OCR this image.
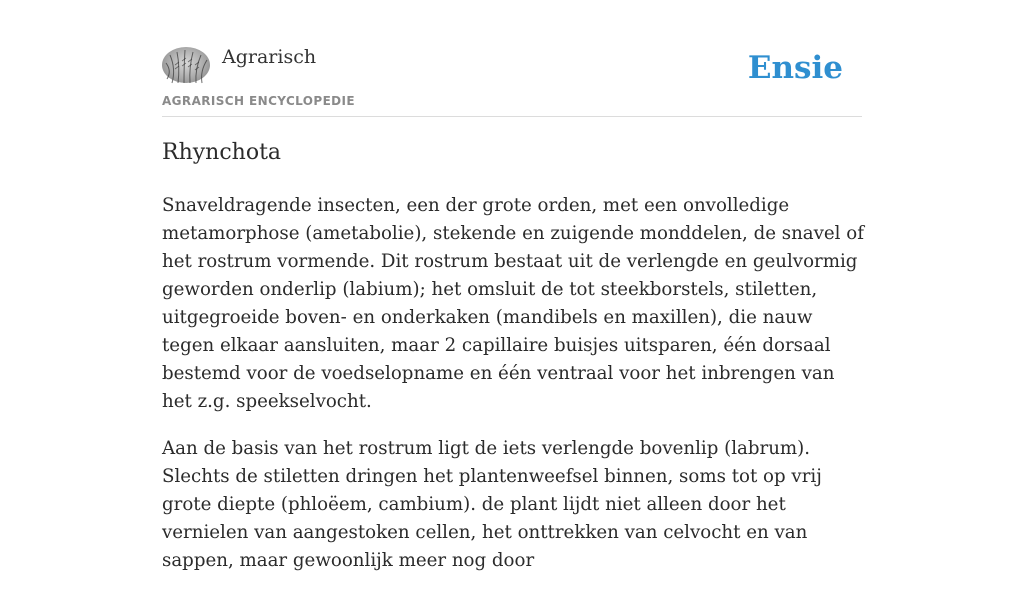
Agrarisch
AGRARISCH ENCYCLOPEDIE
Ensie
Rhynchota

Snaveldragende insecten, een der grote orden, met een onvolledige metamorphose (ametabolie), stekende en zuigende monddelen, de snavel of het rostrum vormende. Dit rostrum bestaat uit de verlengde en geulvormig geworden onderlip (labium); het omsluit de tot steekborstels, stiletten, uitgegroeide boven- en onderkaken (mandibels en maxillen), die nauw tegen elkaar aansluiten, maar 2 capillaire buisjes uitsparen, één dorsaal bestemd voor de voedselopname en één ventraal voor het inbrengen van het z.g. speekselvocht.

Aan de basis van het rostrum ligt de iets verlengde bovenlip (labrum). Slechts de stiletten dringen het plantenweefsel binnen, soms tot op vrij grote diepte (phloëem, cambium). de plant lijdt niet alleen door het vernielen van aangestoken cellen, het onttrekken van celvocht en van sappen, maar gewoonlijk meer nog door
